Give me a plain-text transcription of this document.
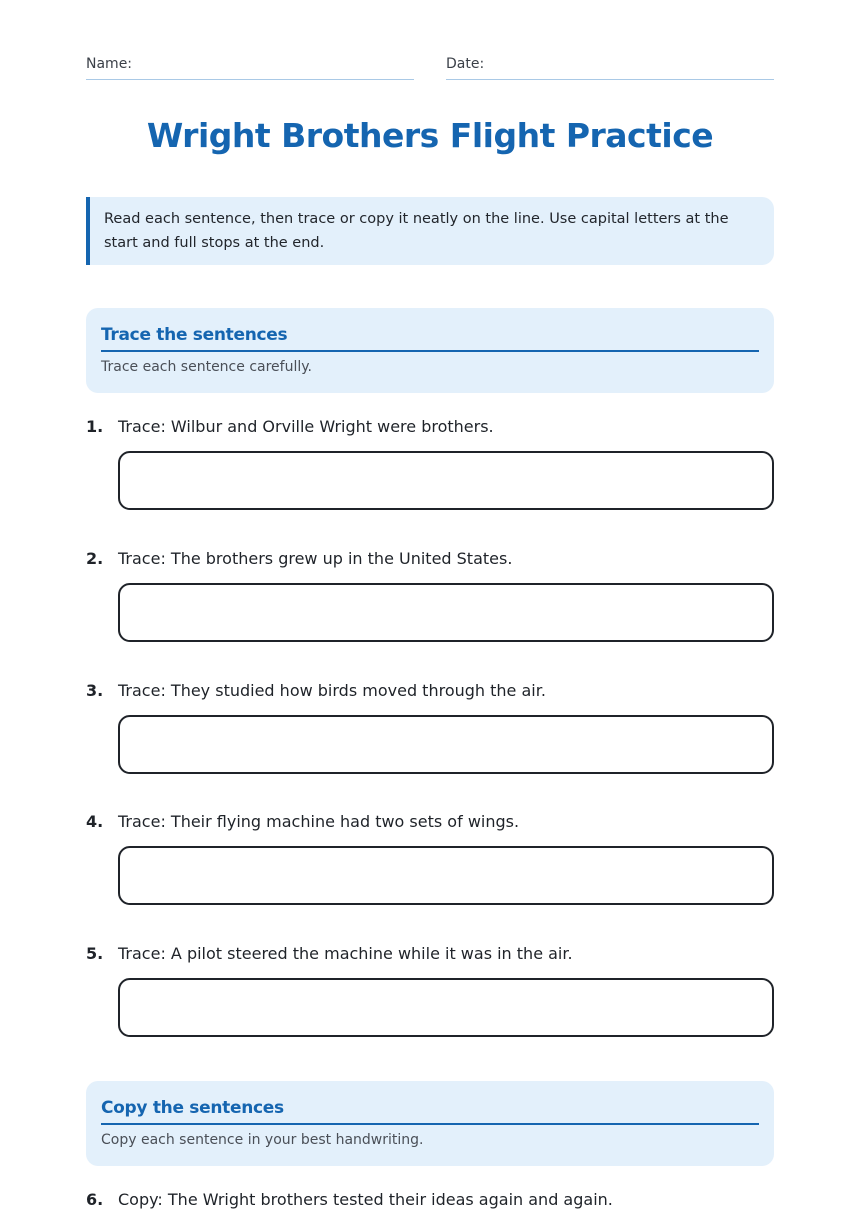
Name:	Date:
Wright Brothers Flight Practice
Read each sentence, then trace or copy it neatly on the line. Use capital letters at the start and full stops at the end.
Trace the sentences
Trace each sentence carefully.
1. Trace: Wilbur and Orville Wright were brothers.
2. Trace: The brothers grew up in the United States.
3. Trace: They studied how birds moved through the air.
4. Trace: Their flying machine had two sets of wings.
5. Trace: A pilot steered the machine while it was in the air.
Copy the sentences
Copy each sentence in your best handwriting.
6. Copy: The Wright brothers tested their ideas again and again.
